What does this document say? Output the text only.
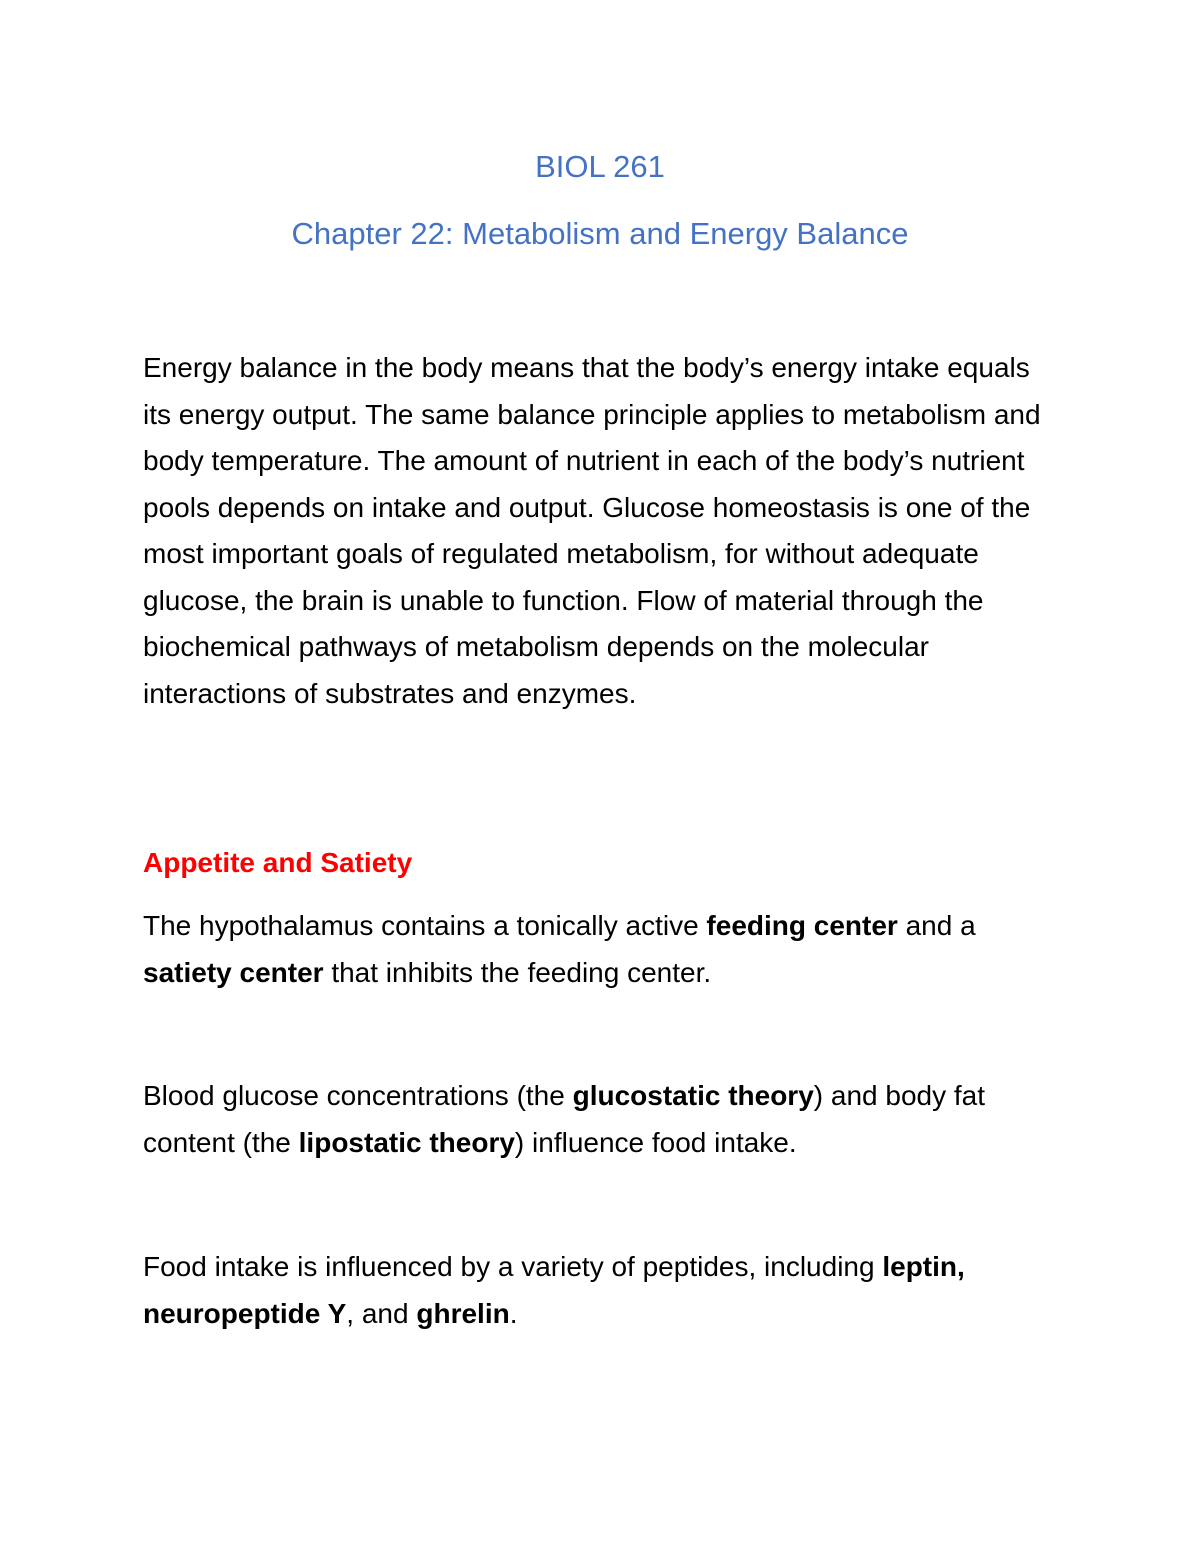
BIOL 261
Chapter 22: Metabolism and Energy Balance

Energy balance in the body means that the body’s energy intake equals its energy output. The same balance principle applies to metabolism and body temperature. The amount of nutrient in each of the body’s nutrient pools depends on intake and output. Glucose homeostasis is one of the most important goals of regulated metabolism, for without adequate glucose, the brain is unable to function. Flow of material through the biochemical pathways of metabolism depends on the molecular interactions of substrates and enzymes.

Appetite and Satiety

The hypothalamus contains a tonically active feeding center and a satiety center that inhibits the feeding center.

Blood glucose concentrations (the glucostatic theory) and body fat content (the lipostatic theory) influence food intake.

Food intake is influenced by a variety of peptides, including leptin, neuropeptide Y, and ghrelin.
